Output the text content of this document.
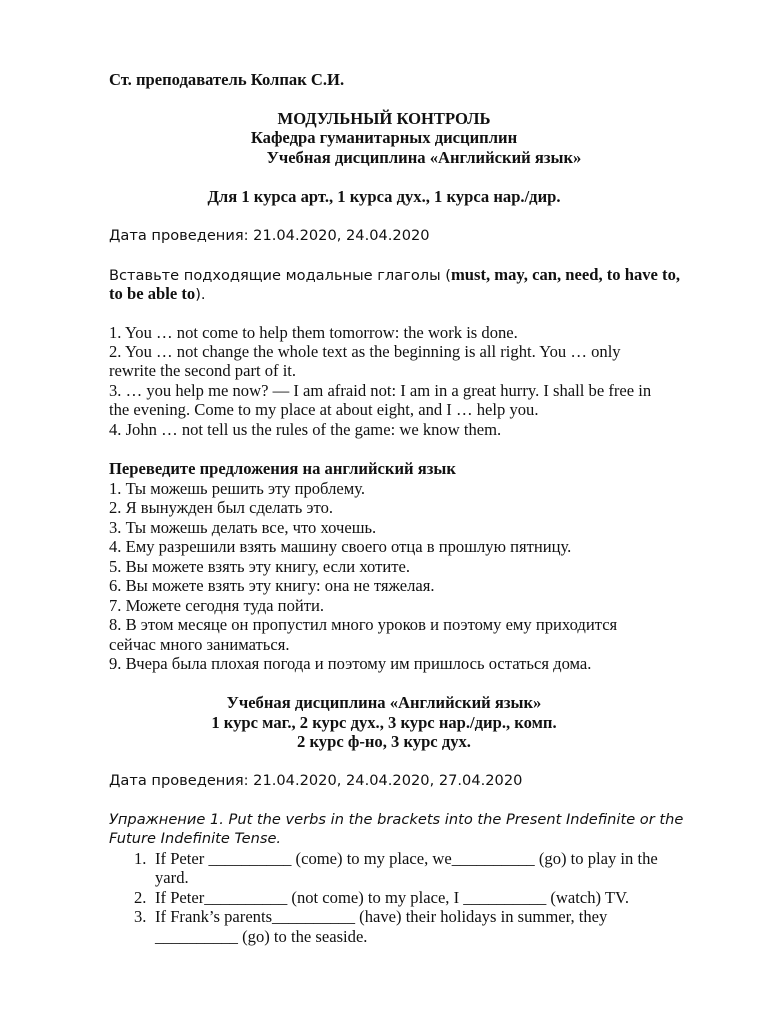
Ст. преподаватель Колпак С.И.
МОДУЛЬНЫЙ КОНТРОЛЬ
Кафедра гуманитарных дисциплин
Учебная дисциплина «Английский язык»
Для 1 курса арт., 1 курса дух., 1 курса нар./дир.
Дата проведения: 21.04.2020, 24.04.2020
Вставьте подходящие модальные глаголы (must, may, can, need, to have to,
to be able to).
1. You … not come to help them tomorrow: the work is done.
2. You … not change the whole text as the beginning is all right. You … only
rewrite the second part of it.
3. … you help me now? — I am afraid not: I am in a great hurry. I shall be free in
the evening. Come to my place at about eight, and I … help you.
4. John … not tell us the rules of the game: we know them.
Переведите предложения на английский язык
1. Ты можешь решить эту проблему.
2. Я вынужден был сделать это.
3. Ты можешь делать все, что хочешь.
4. Ему разрешили взять машину своего отца в прошлую пятницу.
5. Вы можете взять эту книгу, если хотите.
6. Вы можете взять эту книгу: она не тяжелая.
7. Можете сегодня туда пойти.
8. В этом месяце он пропустил много уроков и поэтому ему приходится
сейчас много заниматься.
9. Вчера была плохая погода и поэтому им пришлось остаться дома.
Учебная дисциплина «Английский язык»
1 курс маг., 2 курс дух., 3 курс нар./дир., комп.
2 курс ф-но, 3 курс дух.
Дата проведения: 21.04.2020, 24.04.2020, 27.04.2020
Упражнение 1. Put the verbs in the brackets into the Present Indefinite or the
Future Indefinite Tense.
1. If Peter __________ (come) to my place, we__________ (go) to play in the
yard.
2. If Peter__________ (not come) to my place, I __________ (watch) TV.
3. If Frank’s parents__________ (have) their holidays in summer, they
__________ (go) to the seaside.
